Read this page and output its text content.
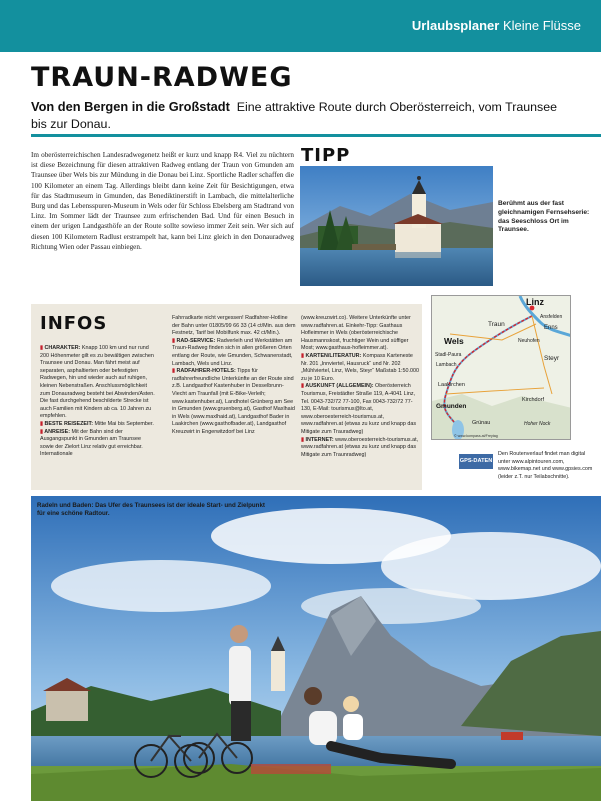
Urlaubsplaner Kleine Flüsse
TRAUN-RADWEG
Von den Bergen in die Großstadt Eine attraktive Route durch Oberösterreich, vom Traunsee bis zur Donau.
Im oberösterreichischen Landesradwegenetz heißt er kurz und knapp R4. Viel zu nüchtern ist diese Bezeichnung für diesen attraktiven Radweg entlang der Traun von Gmunden am Traunsee über Wels bis zur Mündung in die Donau bei Linz. Sportliche Radler schaffen die 100 Kilometer an einem Tag. Allerdings bleibt dann keine Zeit für Besichtigungen, etwa für das Stadtmuseum in Gmunden, das Benediktinerstift in Lambach, die mittelalterliche Burg und das Lebensspuren-Museum in Wels oder für Schloss Ebelsberg am Stadtrand von Linz. Im Sommer lädt der Traunsee zum erfrischenden Bad. Und für einen Besuch in einem der urigen Landgasthöfe an der Route sollte sowieso immer Zeit sein. Wer sich auf diesen 100 Kilometern Radlust erstrampelt hat, kann bei Linz gleich in den Donauradweg Richtung Wien oder Passau einbiegen.
TIPP
Berühmt aus der fast gleichnamigen Fernsehserie: das Seeschloss Ort im Traunsee.
INFOS
▮ CHARAKTER: Knapp 100 km und nur rund 200 Höhenmeter gilt es zu bewältigen zwischen Traunsee und Donau. Man fährt meist auf separaten, asphaltierten oder befestigten Radwegen, hin und wieder auch auf ruhigen, kleinen Nebenstraßen. Anschlussmöglichkeit zum Donauradweg besteht bei Abwinden/Asten. Die fast durchgehend beschilderte Strecke ist auch Familien mit Kindern ab ca. 10 Jahren zu empfehlen.
▮ BESTE REISEZEIT: Mitte Mai bis September.
▮ ANREISE: Mit der Bahn sind der Ausgangspunkt in Gmunden am Traunsee sowie der Zielort Linz relativ gut erreichbar. Internationale
Fahrradkarte nicht vergessen! Radfahrer-Hotline der Bahn unter 01805/99 66 33 (14 ct/Min. aus dem Festnetz, Tarif bei Mobilfunk max. 42 ct/Min.).
▮ RAD-SERVICE: Radverleih und Werkstätten am Traun-Radweg finden sich in allen größeren Orten entlang der Route, wie Gmunden, Schwanenstadt, Lambach, Wels und Linz.
▮ RADFAHRER-HOTELS: Tipps für radfahrerfreundliche Unterkünfte an der Route sind z.B. Landgasthof Kastenhuber in Desselbrunn-Viecht am Traunfall (mit E-Bike-Verleih; www.kastenhuber.at), Landhotel Grünberg am See in Gmunden (www.gruenberg.at), Gasthof Maxlhaid in Wels (www.maxlhaid.at), Landgasthof Bader in Laakirchen (www.gasthofbader.at), Landgasthof Kreuzwirt in Engerwitzdorf bei Linz
(www.kreuzwirt.co). Weitere Unterkünfte unter www.radfahren.at. Einkehr-Tipp: Gasthaus Hofleimmer in Wels (oberösterreichische Hausmannskost, fruchtiger Wein und süffiger Most; www.gasthaus-hofleimmer.at).
▮ KARTEN/LITERATUR: Kompass Karteneste Nr. 201 „Innviertel, Hausruck“ und Nr. 202 „Mühlviertel, Linz, Wels, Steyr“ Maßstab 1:50.000 zu je 10 Euro.
▮ AUSKUNFT (ALLGEMEIN): Oberösterreich Tourismus, Freistädter Straße 119, A-4041 Linz, Tel. 0043-732/72 77-100, Fax 0043-732/72 77-130, E-Mail: tourismus@lto.at, www.oberoesterreich-tourismus.at, www.radfahren.at (etwas zu kurz und knapp das Mitigate zum Trauradweg)
▮ INTERNET: www.oberoesterreich-tourismus.at, www.radfahren.at (etwas zu kurz und knapp das Mitigate zum Traunradweg)
Linz
Ansfelden
Enns
Wels	Neuhofen
Stadl-Paura
Traun
Steyr
Lambach
Laakirchen
Kirchdorf
Gmunden
Grünau	Hoher Nock
© www.kompass.at/Freytag
GPS-DATEN
Den Routenverlauf findet man digital unter www.alpintouren.com, www.bikemap.net und www.gpsies.com (leider z.T. nur Teilabschnitte).
Radeln und Baden: Das Ufer des Traunsees ist der ideale Start- und Zielpunkt für eine schöne Radtour.
